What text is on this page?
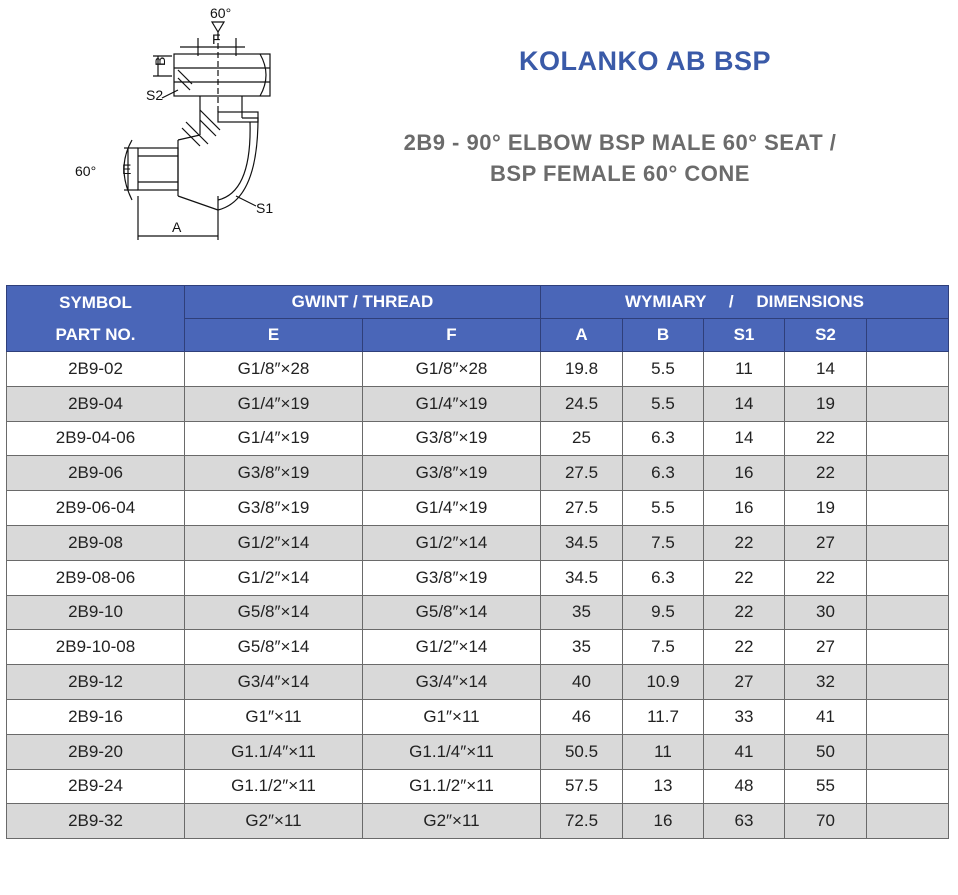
60°
F
B
S2
60° E
S1
A
KOLANKO AB BSP
2B9 - 90° ELBOW BSP MALE 60° SEAT /
BSP FEMALE 60° CONE
SYMBOL
PART NO.	GWINT / THREAD		WYMIARY / DIMENSIONS				
	E	F	A	B	S1	S2	
2B9-02	G1/8″×28	G1/8″×28	19.8	5.5	11	14	
2B9-04	G1/4″×19	G1/4″×19	24.5	5.5	14	19	
2B9-04-06	G1/4″×19	G3/8″×19	25	6.3	14	22	
2B9-06	G3/8″×19	G3/8″×19	27.5	6.3	16	22	
2B9-06-04	G3/8″×19	G1/4″×19	27.5	5.5	16	19	
2B9-08	G1/2″×14	G1/2″×14	34.5	7.5	22	27	
2B9-08-06	G1/2″×14	G3/8″×19	34.5	6.3	22	22	
2B9-10	G5/8″×14	G5/8″×14	35	9.5	22	30	
2B9-10-08	G5/8″×14	G1/2″×14	35	7.5	22	27	
2B9-12	G3/4″×14	G3/4″×14	40	10.9	27	32	
2B9-16	G1″×11	G1″×11	46	11.7	33	41	
2B9-20	G1.1/4″×11	G1.1/4″×11	50.5	11	41	50	
2B9-24	G1.1/2″×11	G1.1/2″×11	57.5	13	48	55	
2B9-32	G2″×11	G2″×11	72.5	16	63	70	
